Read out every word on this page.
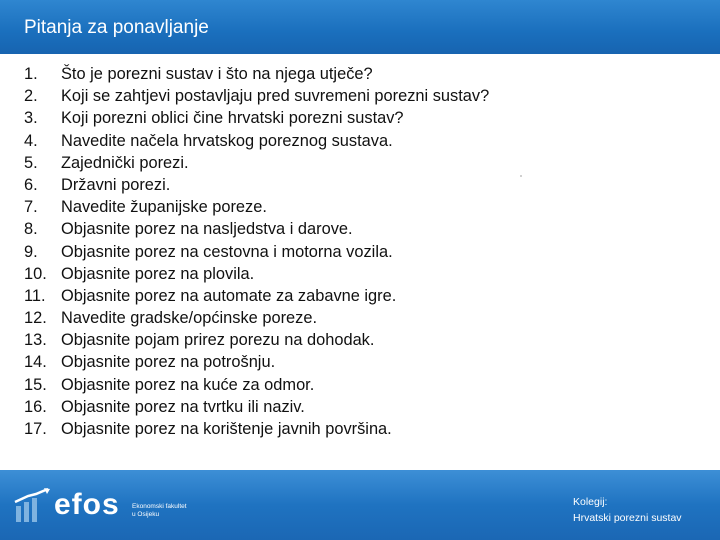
Pitanja za ponavljanje
1.	Što je porezni sustav i što na njega utječe?
2.	Koji se zahtjevi postavljaju pred suvremeni porezni sustav?
3.	Koji porezni oblici čine hrvatski porezni sustav?
4.	Navedite načela hrvatskog poreznog sustava.
5.	Zajednički porezi.
6.	Državni porezi.
7.	Navedite županijske poreze.
8.	Objasnite porez na nasljedstva i darove.
9.	Objasnite porez na cestovna i motorna vozila.
10. Objasnite porez na plovila.
11. Objasnite porez na automate za zabavne igre.
12. Navedite gradske/općinske poreze.
13. Objasnite pojam prirez porezu na dohodak.
14. Objasnite porez na potrošnju.
15. Objasnite porez na kuće za odmor.
16. Objasnite porez na tvrtku ili naziv.
17. Objasnite porez na korištenje javnih površina.
efos Ekonomski fakultet
u Osijeku
Kolegij:
Hrvatski porezni sustav
